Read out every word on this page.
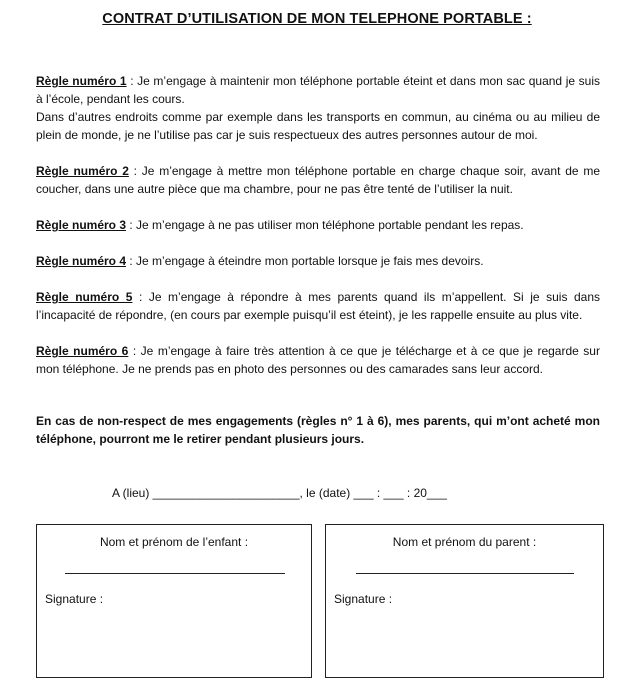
CONTRAT D’UTILISATION DE MON TELEPHONE PORTABLE :
Règle numéro 1 : Je m’engage à maintenir mon téléphone portable éteint et dans mon sac quand je suis à l’école, pendant les cours.
Dans d’autres endroits comme par exemple dans les transports en commun, au cinéma ou au milieu de plein de monde, je ne l’utilise pas car je suis respectueux des autres personnes autour de moi.
Règle numéro 2 : Je m’engage à mettre mon téléphone portable en charge chaque soir, avant de me coucher, dans une autre pièce que ma chambre, pour ne pas être tenté de l’utiliser la nuit.
Règle numéro 3 : Je m’engage à ne pas utiliser mon téléphone portable pendant les repas.
Règle numéro 4 : Je m’engage à éteindre mon portable lorsque je fais mes devoirs.
Règle numéro 5 : Je m’engage à répondre à mes parents quand ils m’appellent. Si je suis dans l’incapacité de répondre, (en cours par exemple puisqu’il est éteint), je les rappelle ensuite au plus vite.
Règle numéro 6 : Je m’engage à faire très attention à ce que je télécharge et à ce que je regarde sur mon téléphone. Je ne prends pas en photo des personnes ou des camarades sans leur accord.
En cas de non-respect de mes engagements (règles n° 1 à 6), mes parents, qui m’ont acheté mon téléphone, pourront me le retirer pendant plusieurs jours.
A (lieu) ______________________, le (date) ___ : ___ : 20___
Nom et prénom de l’enfant :
Signature :
Nom et prénom du parent :
Signature :
